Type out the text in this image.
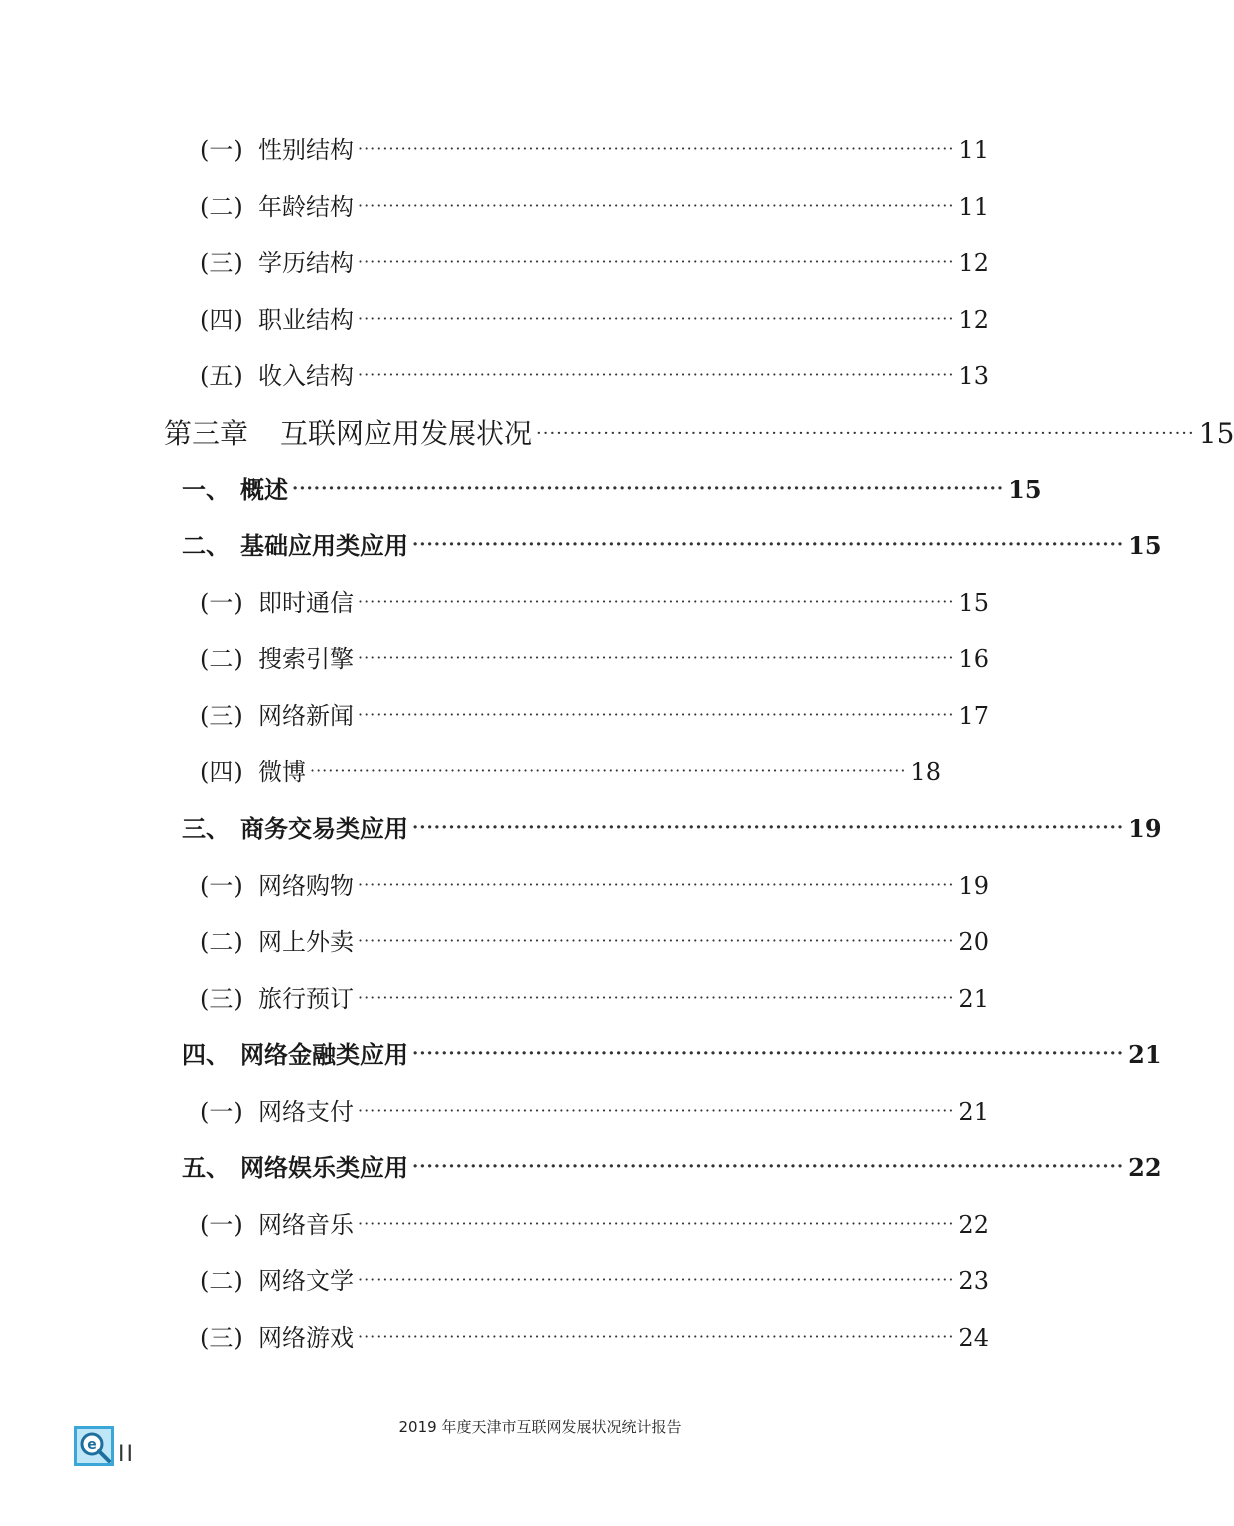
(一) 性别结构 ·································································································· 11
(二) 年龄结构 ·································································································· 11
(三) 学历结构 ·································································································· 12
(四) 职业结构 ·································································································· 12
(五) 收入结构 ·································································································· 13
第三章	互联网应用发展状况 ·································································································· 15
一、 概述 ·································································································· 15
二、 基础应用类应用 ·································································································· 15
(一) 即时通信 ·································································································· 15
(二) 搜索引擎 ·································································································· 16
(三) 网络新闻 ·································································································· 17
(四) 微博 ·································································································· 18
三、 商务交易类应用 ·································································································· 19
(一) 网络购物 ·································································································· 19
(二) 网上外卖 ·································································································· 20
(三) 旅行预订 ·································································································· 21
四、 网络金融类应用 ·································································································· 21
(一) 网络支付 ·································································································· 21
五、 网络娱乐类应用 ·································································································· 22
(一) 网络音乐 ·································································································· 22
(二) 网络文学 ·································································································· 23
(三) 网络游戏 ·································································································· 24
2019 年度天津市互联网发展状况统计报告
e II
